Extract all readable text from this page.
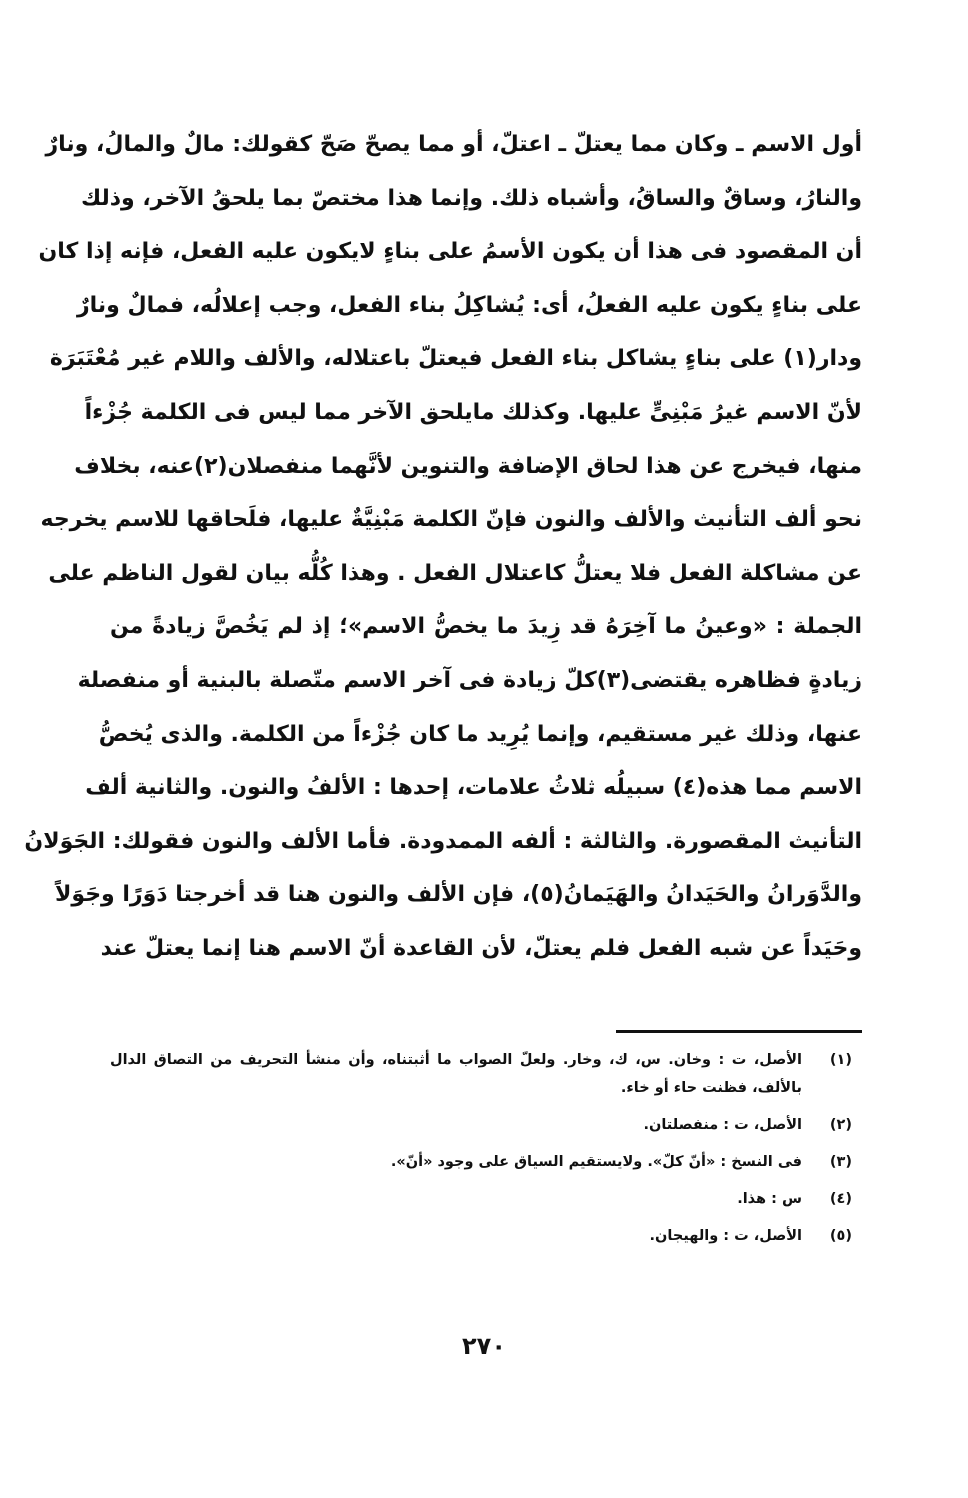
أول الاسم ـ وكان مما يعتلّ ـ اعتلّ، أو مما يصحّ صَحّ كقولك: مالٌ والمالُ، ونارٌ
والنارُ، وساقٌ والساقُ، وأشباه ذلك. وإنما هذا مختصّ بما يلحقُ الآخر، وذلك
أن المقصود فى هذا أن يكون الأسمُ على بناءٍ لايكون عليه الفعل، فإنه إذا كان
على بناءٍ يكون عليه الفعلُ، أى: يُشاكِلُ بناء الفعل، وجب إعلالُه، فمالٌ ونارٌ
ودار(١) على بناءٍ يشاكل بناء الفعل فيعتلّ باعتلاله، والألف واللام غير مُعْتَبَرَة
لأنّ الاسم غيرُ مَبْنِىٍّ عليها. وكذلك مايلحق الآخر مما ليس فى الكلمة جُزْءاً
منها، فيخرج عن هذا لحاق الإضافة والتنوين لأنَّهما منفصلان(٢)عنه، بخلاف
نحو ألف التأنيث والألف والنون فإنّ الكلمة مَبْنِيَّةٌ عليها، فلَحاقها للاسم يخرجه
عن مشاكلة الفعل فلا يعتلُّ كاعتلال الفعل . وهذا كُلُّه بيان لقول الناظم على
الجملة : «وعينُ ما آخِرَهُ قد زِيدَ ما يخصُّ الاسم»؛ إذ لم يَخُصَّ زيادةً من
زيادةٍ فظاهره يقتضى(٣)كلّ زيادة فى آخر الاسم متّصلة بالبنية أو منفصلة
عنها، وذلك غير مستقيم، وإنما يُرِيد ما كان جُزْءاً من الكلمة. والذى يُخصُّ
الاسم مما هذه(٤) سبيلُه ثلاثُ علامات، إحدها : الألفُ والنون. والثانية ألف
التأنيث المقصورة. والثالثة : ألفه الممدودة. فأما الألف والنون فقولك: الجَوَلانُ
والدَّوَرانُ والحَيَدانُ والهَيَمانُ(٥)، فإن الألف والنون هنا قد أخرجتا دَوَرًا وجَوَلاً
وحَيَداً عن شبه الفعل فلم يعتلّ، لأن القاعدة أنّ الاسم هنا إنما يعتلّ عند
(١)
الأصل، ت : وخان. س، ك، وخار. ولعلّ الصواب ما أثبتناه، وأن منشأ التحريف من التصاق الدال بالألف، فظنت حاء أو خاء.
(٢)
الأصل، ت : منفصلتان.
(٣)
فى النسخ : «أنّ كلّ». ولايستقيم السياق على وجود «أنّ».
(٤)
س : هذا.
(٥)
الأصل، ت : والهيجان.
٢٧٠
